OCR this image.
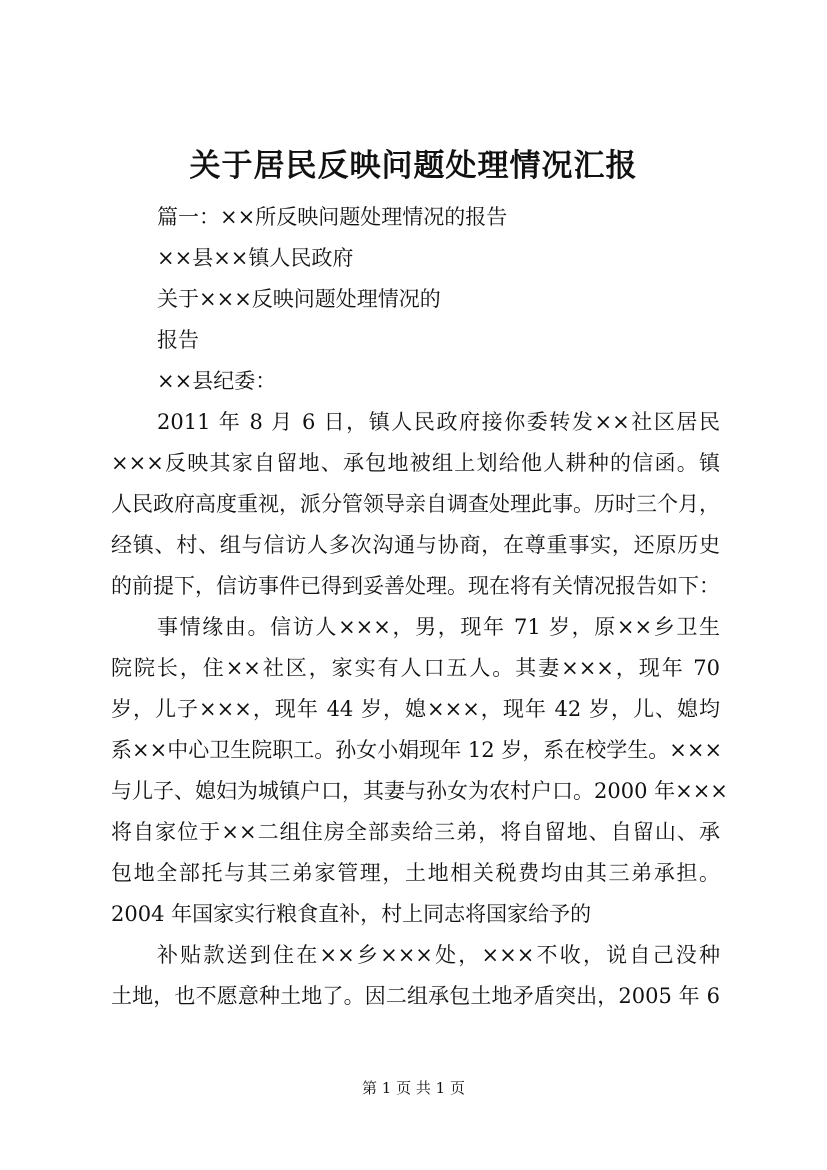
关于居民反映问题处理情况汇报
篇一：××所反映问题处理情况的报告
××县××镇人民政府
关于×××反映问题处理情况的
报告
××县纪委：
2011 年 8 月 6 日，镇人民政府接你委转发××社区居民
×××反映其家自留地、承包地被组上划给他人耕种的信函。镇
人民政府高度重视，派分管领导亲自调查处理此事。历时三个月，
经镇、村、组与信访人多次沟通与协商，在尊重事实，还原历史
的前提下，信访事件已得到妥善处理。现在将有关情况报告如下：
事情缘由。信访人×××，男，现年 71 岁，原××乡卫生
院院长，住××社区，家实有人口五人。其妻×××，现年 70
岁，儿子×××，现年 44 岁，媳×××，现年 42 岁，儿、媳均
系××中心卫生院职工。孙女小娟现年 12 岁，系在校学生。×××
与儿子、媳妇为城镇户口，其妻与孙女为农村户口。2000 年×××
将自家位于××二组住房全部卖给三弟，将自留地、自留山、承
包地全部托与其三弟家管理，土地相关税费均由其三弟承担。
2004 年国家实行粮食直补，村上同志将国家给予的
补贴款送到住在××乡×××处，×××不收，说自己没种
土地，也不愿意种土地了。因二组承包土地矛盾突出，2005 年 6
第 1 页 共 1 页
